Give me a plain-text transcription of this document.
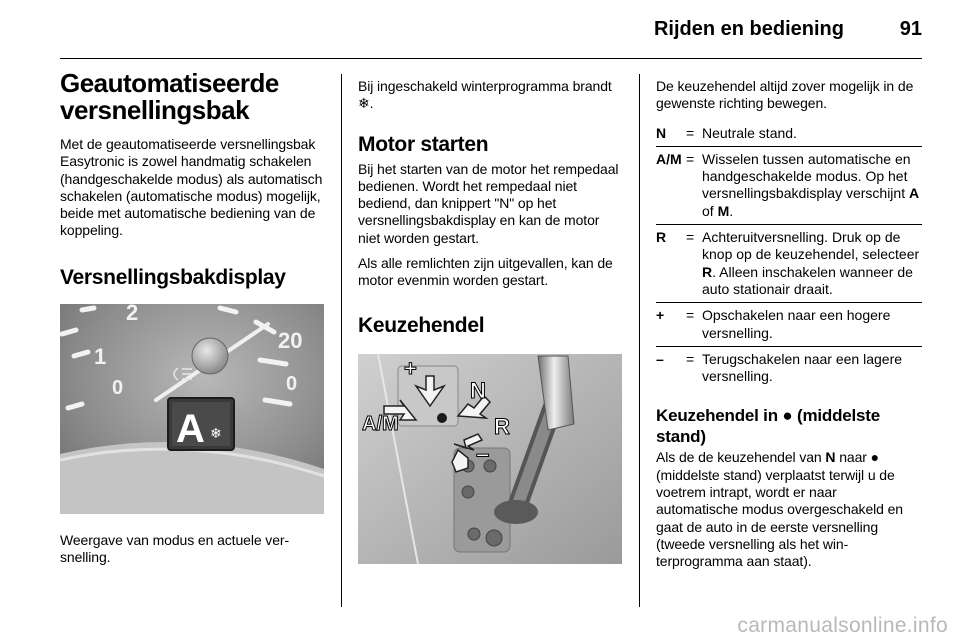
Rijden en bediening	91
Geautomatiseerde versnellingsbak
Met de geautomatiseerde versnellingsbak Easytronic is zowel handmatig schakelen (handgeschakelde modus) als automatisch schakelen (automatische modus) mogelijk, beide met automatische bediening van de koppeling.
Versnellingsbakdisplay
2
1
0
20
0
A ❄
Weergave van modus en actuele versnelling.
Bij ingeschakeld winterprogramma brandt ❄.
Motor starten
Bij het starten van de motor het rempedaal bedienen. Wordt het rempedaal niet bediend, dan knippert "N" op het versnellingsbakdisplay en kan de motor niet worden gestart.
Als alle remlichten zijn uitgevallen, kan de motor evenmin worden gestart.
Keuzehendel
+
N
A/M	R
–
De keuzehendel altijd zover mogelijk in de gewenste richting bewegen.
N	=	Neutrale stand.
A/M	=	Wisselen tussen automatische en handgeschakelde modus. Op het versnellingsbakdisplay verschijnt A of M.
R	=	Achteruitversnelling. Druk op de knop op de keuzehendel, selecteer R. Alleen inschakelen wanneer de auto stationair draait.
+	=	Opschakelen naar een hogere versnelling.
–	=	Terugschakelen naar een lagere versnelling.
Keuzehendel in ● (middelste stand)
Als de de keuzehendel van N naar ● (middelste stand) verplaatst terwijl u de voetrem intrapt, wordt er naar automatische modus overgeschakeld en gaat de auto in de eerste versnelling (tweede versnelling als het winterprogramma aan staat).
carmanualsonline.info
